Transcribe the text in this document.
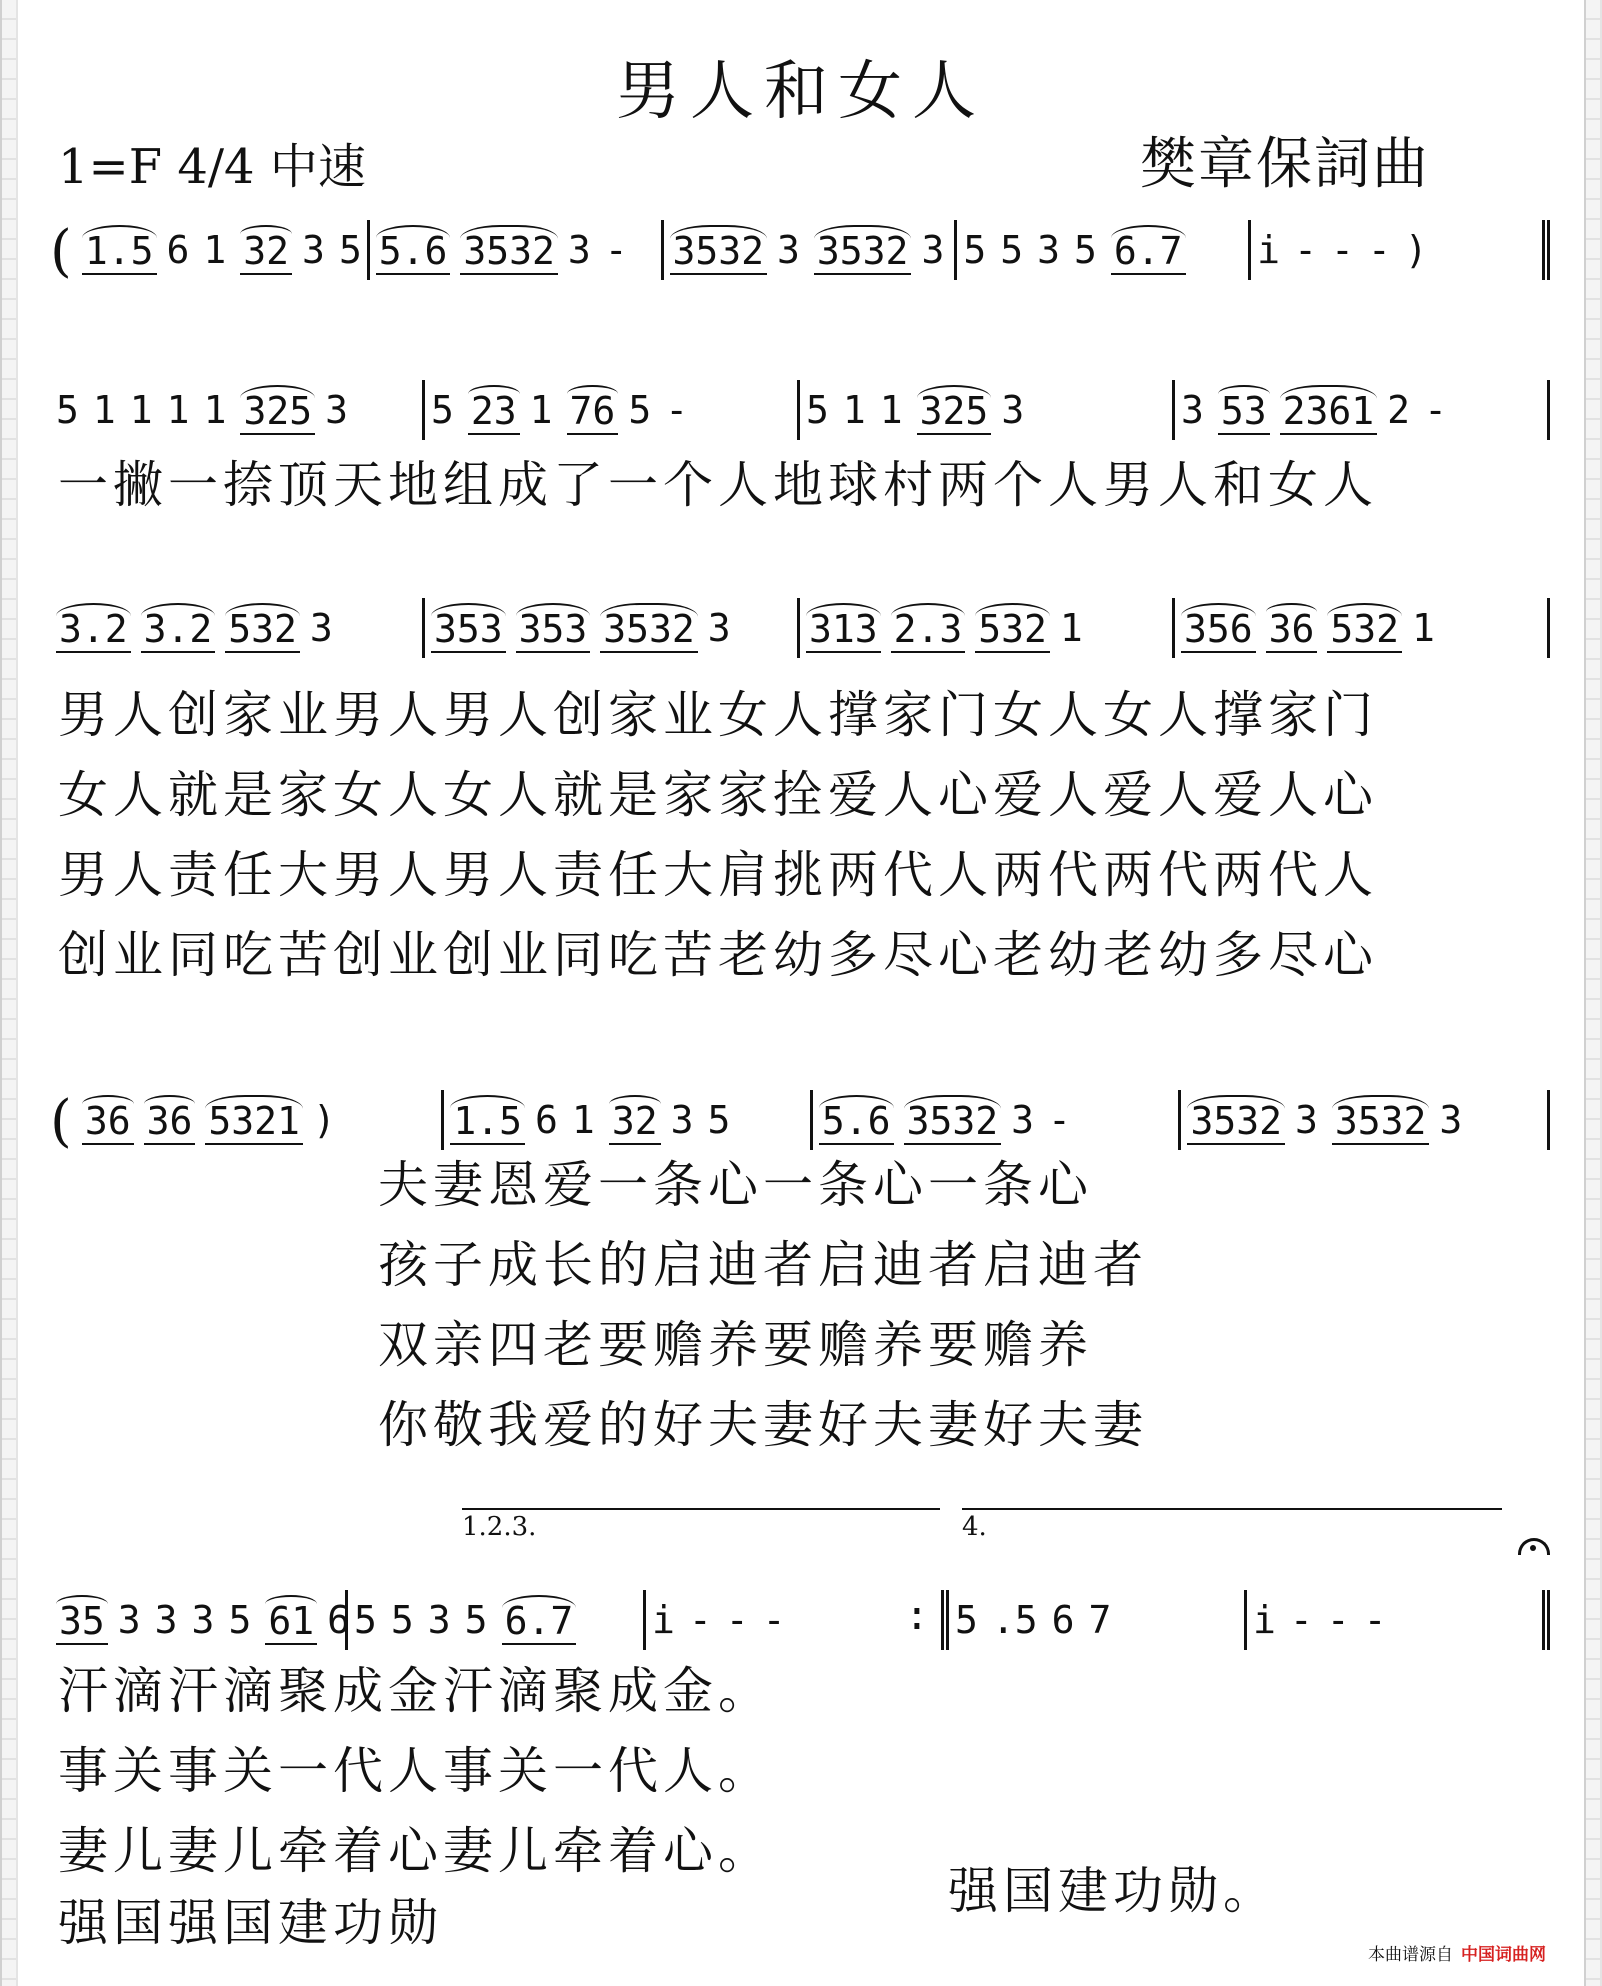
男人和女人
1=F 4/4 中速	樊章保詞曲
( 1.5 6 1 32 3 5 5.6 3532 3 - 3532 3 3532 3 5 5 3 5 6.7 i - - - )
5 1 1 1 1 325 3 5 23 1 76 5 -	5 1 1 325 3	3 53 2361 2 -
一撇一捺顶天地组成了一个人地球村两个人男人和女人
3.2 3.2 532 3	353 353 3532 3 313 2.3 532 1	356 36 532 1
男人创家业男人男人创家业女人撑家门女人女人撑家门
女人就是家女人女人就是家家拴爱人心爱人爱人爱人心
男人责任大男人男人责任大肩挑两代人两代两代两代人
创业同吃苦创业创业同吃苦老幼多尽心老幼老幼多尽心
( 36 36 5321 )	1.5 6 1 32 3 5 5.6 3532 3 -	3532 3 3532 3
夫妻恩爱一条心一条心一条心
孩子成长的启迪者启迪者启迪者
双亲四老要赡养要赡养要赡养
你敬我爱的好夫妻好夫妻好夫妻
1.2.3.	4.
35 3 3 3 5 61 6 5 5 3 5 6.7 i - - -
:	5 .5 6 7	i - - -
汗滴汗滴聚成金汗滴聚成金。
事关事关一代人事关一代人。
妻儿妻儿牵着心妻儿牵着心。
强国强国建功勋
强国建功勋。
本曲谱源自 中国词曲网
